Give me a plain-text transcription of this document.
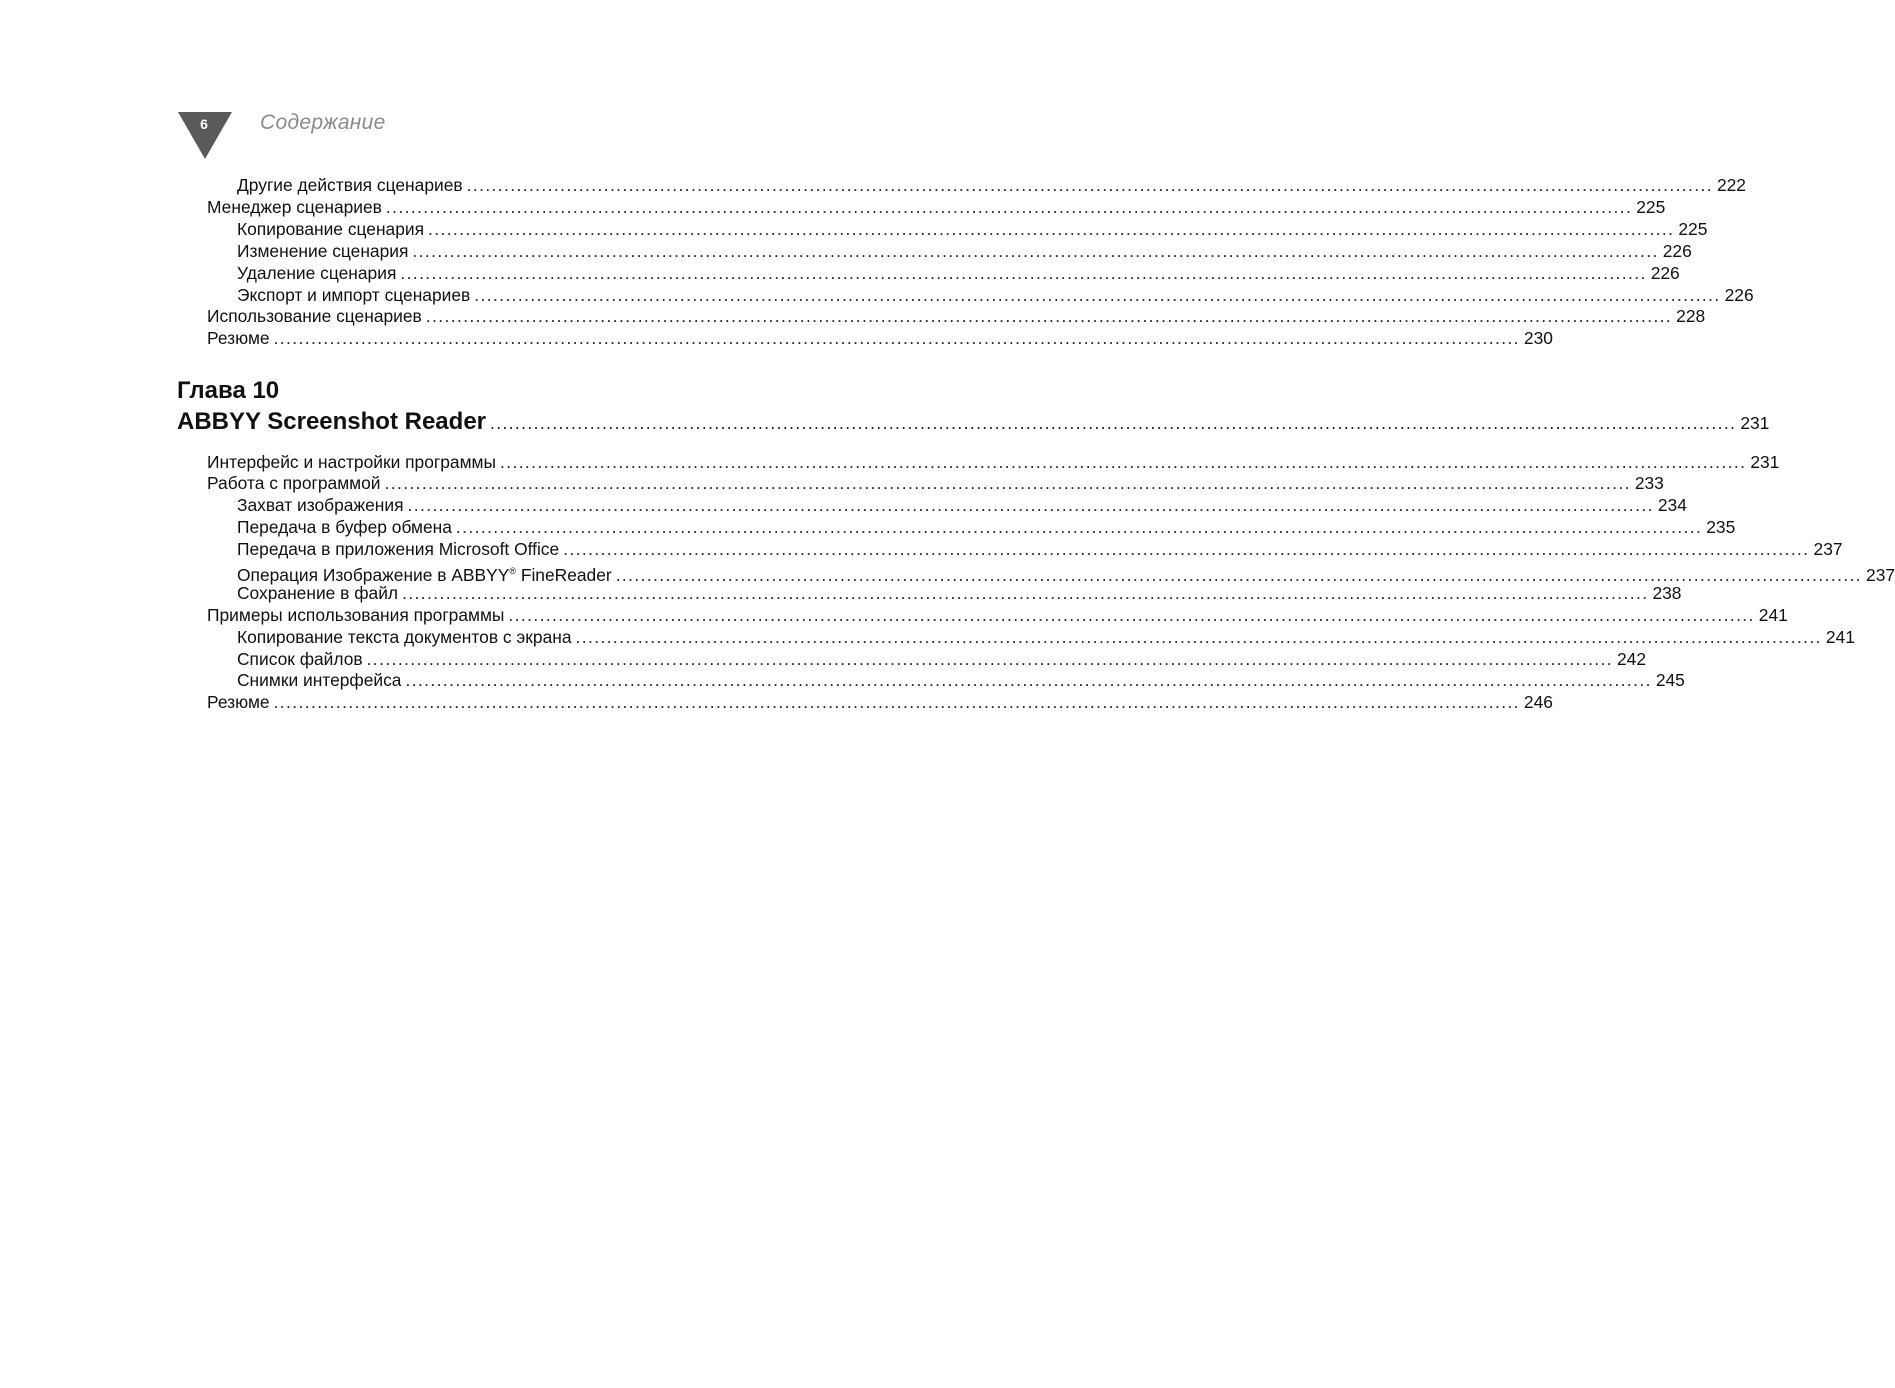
6	Содержание
Другие действия сценариев ........................................................................................................................................................................................................ 222
Менеджер сценариев ........................................................................................................................................................................................................ 225
Копирование сценария ........................................................................................................................................................................................................ 225
Изменение сценария ........................................................................................................................................................................................................ 226
Удаление сценария ........................................................................................................................................................................................................ 226
Экспорт и импорт сценариев ........................................................................................................................................................................................................ 226
Использование сценариев ........................................................................................................................................................................................................ 228
Резюме ........................................................................................................................................................................................................ 230
Глава 10
ABBYY Screenshot Reader ........................................................................................................................................................................................................ 231
Интерфейс и настройки программы ........................................................................................................................................................................................................ 231
Работа с программой ........................................................................................................................................................................................................ 233
Захват изображения ........................................................................................................................................................................................................ 234
Передача в буфер обмена ........................................................................................................................................................................................................ 235
Передача в приложения Microsoft Office ........................................................................................................................................................................................................ 237
Операция Изображение в ABBYY® FineReader ........................................................................................................................................................................................................ 237
Сохранение в файл ........................................................................................................................................................................................................ 238
Примеры использования программы ........................................................................................................................................................................................................ 241
Копирование текста документов с экрана ........................................................................................................................................................................................................ 241
Список файлов ........................................................................................................................................................................................................ 242
Снимки интерфейса ........................................................................................................................................................................................................ 245
Резюме ........................................................................................................................................................................................................ 246
